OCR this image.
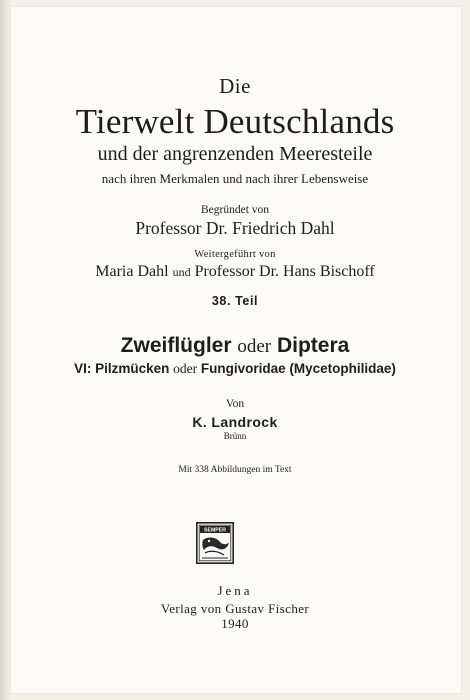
Die
Tierwelt Deutschlands
und der angrenzenden Meeresteile
nach ihren Merkmalen und nach ihrer Lebensweise
Begründet von
Professor Dr. Friedrich Dahl
Weitergeführt von
Maria Dahl und Professor Dr. Hans Bischoff
38. Teil
Zweiflügler oder Diptera
VI: Pilzmücken oder Fungivoridae (Mycetophilidae)
Von
K. Landrock
Brünn
Mit 338 Abbildungen im Text
SEMPER
Jena
Verlag von Gustav Fischer
1940
